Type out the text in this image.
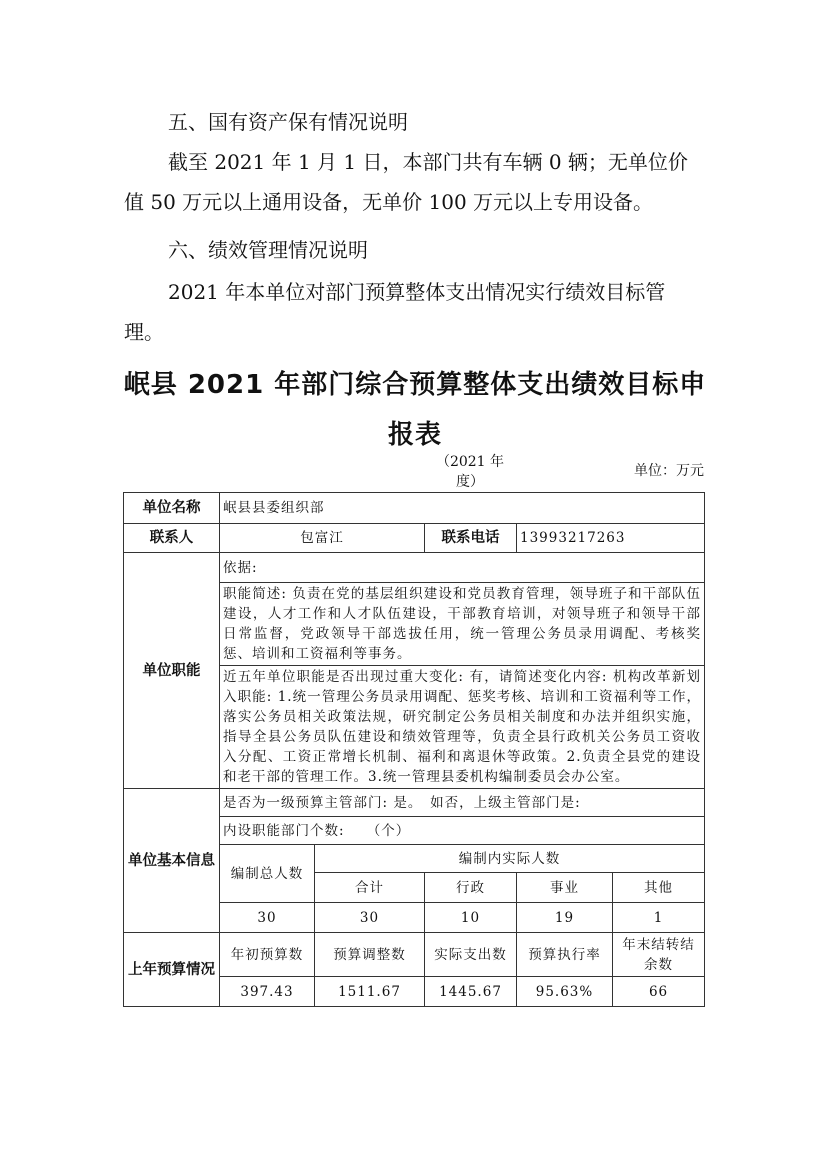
五、国有资产保有情况说明
截至 2021 年 1 月 1 日，本部门共有车辆 0 辆；无单位价值 50 万元以上通用设备，无单价 100 万元以上专用设备。
六、绩效管理情况说明
2021 年本单位对部门预算整体支出情况实行绩效目标管理。
岷县 2021 年部门综合预算整体支出绩效目标申报表
（2021 年度）
单位：万元
单位名称	岷县县委组织部				
联系人	包富江		联系电话	13993217263	
单位职能	依据:				
	职能简述: 负责在党的基层组织建设和党员教育管理，领导班子和干部队伍建设，人才工作和人才队伍建设，干部教育培训，对领导班子和领导干部日常监督，党政领导干部选拔任用，统一管理公务员录用调配、考核奖惩、培训和工资福利等事务。				
	近五年单位职能是否出现过重大变化: 有，请简述变化内容: 机构改革新划入职能: 1.统一管理公务员录用调配、惩奖考核、培训和工资福利等工作，落实公务员相关政策法规，研究制定公务员相关制度和办法并组织实施，指导全县公务员队伍建设和绩效管理等，负责全县行政机关公务员工资收入分配、工资正常增长机制、福利和离退休等政策。2.负责全县党的建设和老干部的管理工作。3.统一管理县委机构编制委员会办公室。				
单位基本信息	是否为一级预算主管部门: 是。　如否，上级主管部门是:				
	内设职能部门个数:　　（个）				
	编制总人数	编制内实际人数			
		合计	行政	事业	其他
	30	30	10	19	1
上年预算情况	年初预算数	预算调整数	实际支出数	预算执行率	年末结转结余数
	397.43	1511.67	1445.67	95.63%	66
